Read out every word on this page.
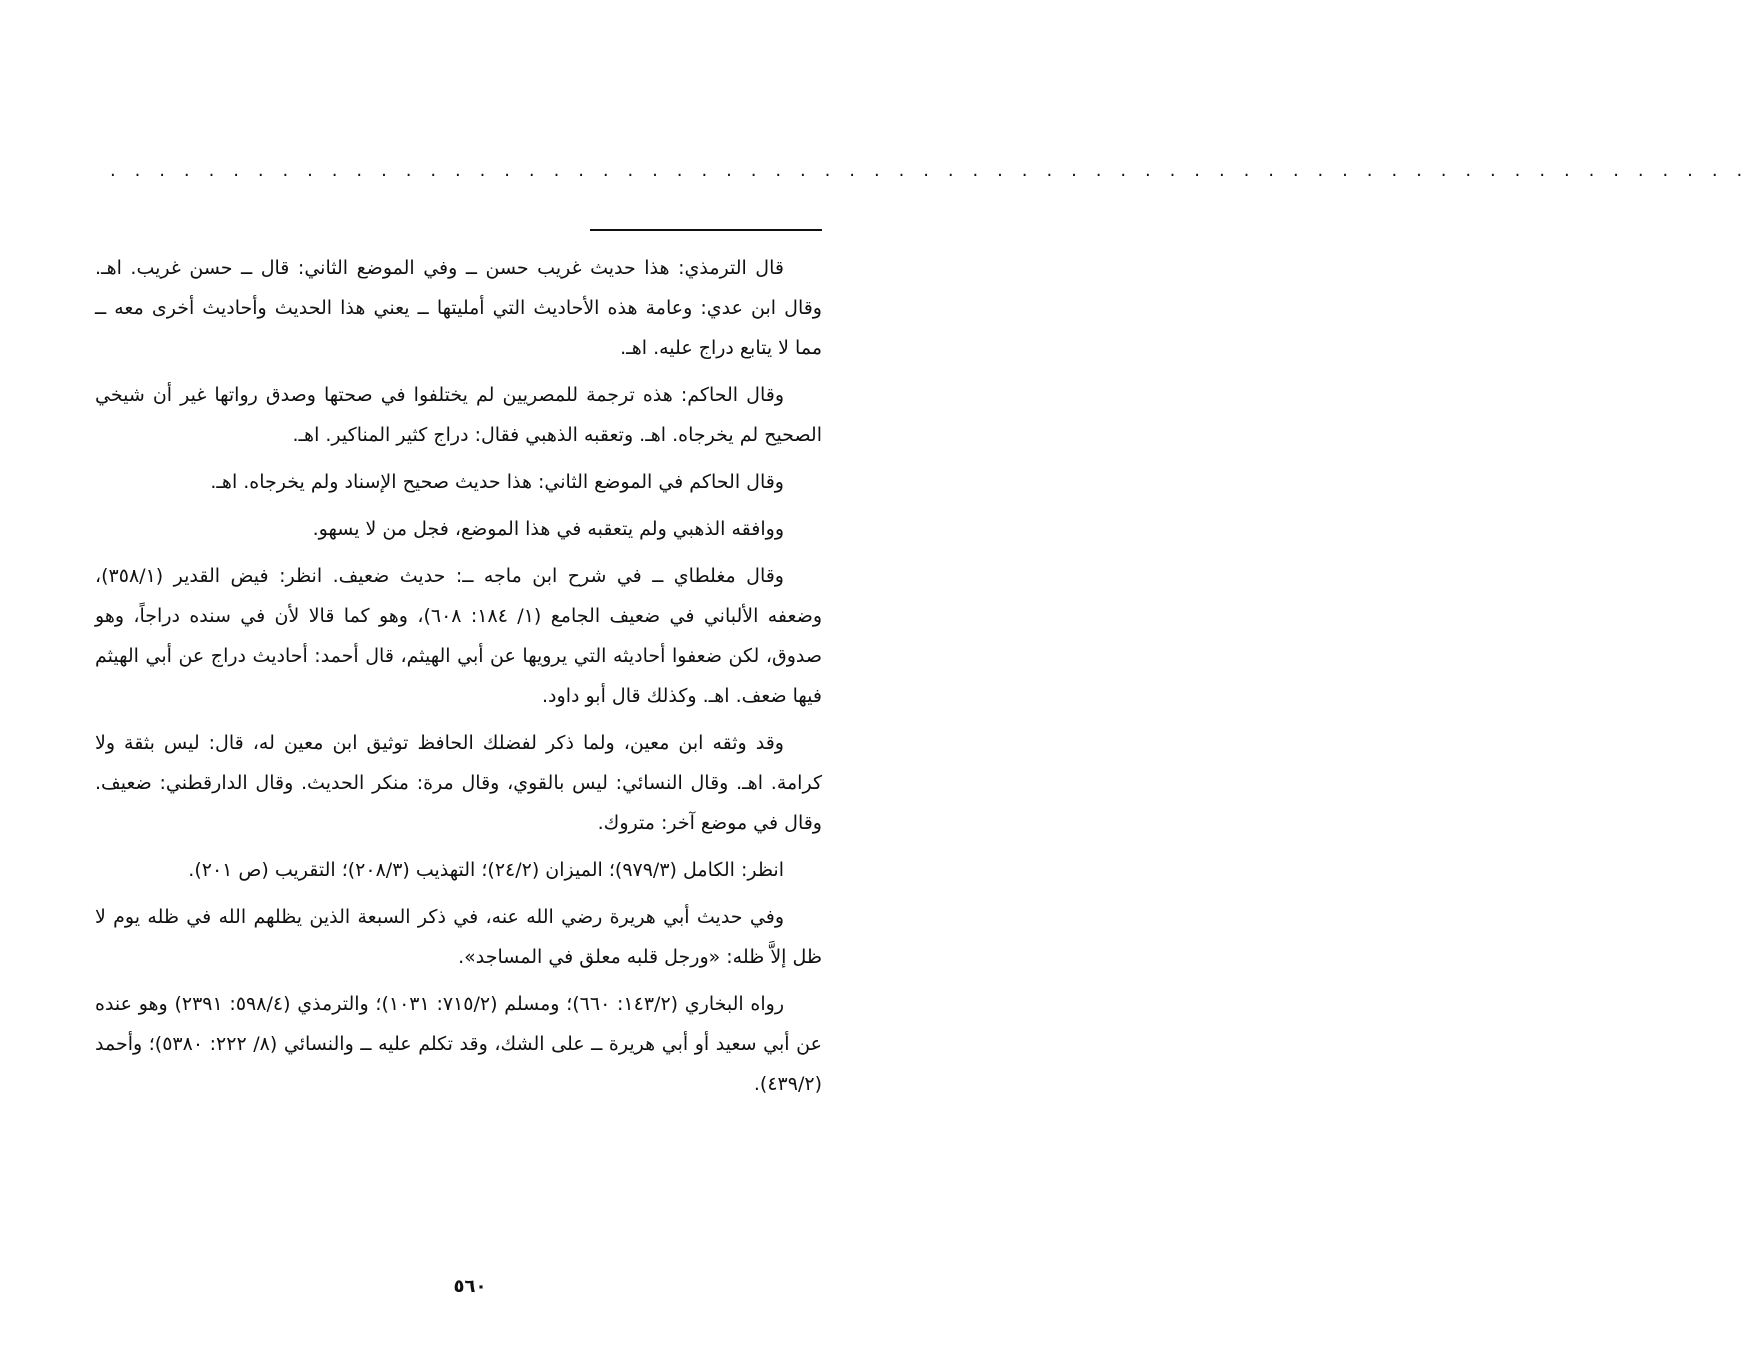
. . . . . . . . . . . . . . . . . . . . . . . . . . . . . . . . . . . . . . . . . . . . . . . . . . . . . . . . . . . . . . . . . . .

قال الترمذي: هذا حديث غريب حسن ــ وفي الموضع الثاني: قال ــ حسن غريب. اهـ. وقال ابن عدي: وعامة هذه الأحاديث التي أمليتها ــ يعني هذا الحديث وأحاديث أخرى معه ــ مما لا يتابع دراج عليه. اهـ.

وقال الحاكم: هذه ترجمة للمصريين لم يختلفوا في صحتها وصدق رواتها غير أن شيخي الصحيح لم يخرجاه. اهـ. وتعقبه الذهبي فقال: دراج كثير المناكير. اهـ.

وقال الحاكم في الموضع الثاني: هذا حديث صحيح الإسناد ولم يخرجاه. اهـ.

ووافقه الذهبي ولم يتعقبه في هذا الموضع، فجل من لا يسهو.

وقال مغلطاي ــ في شرح ابن ماجه ــ: حديث ضعيف. انظر: فيض القدير (٣٥٨/١)، وضعفه الألباني في ضعيف الجامع (١/ ١٨٤: ٦٠٨)، وهو كما قالا لأن في سنده دراجاً، وهو صدوق، لكن ضعفوا أحاديثه التي يرويها عن أبي الهيثم، قال أحمد: أحاديث دراج عن أبي الهيثم فيها ضعف. اهـ. وكذلك قال أبو داود.

وقد وثقه ابن معين، ولما ذكر لفضلك الحافظ توثيق ابن معين له، قال: ليس بثقة ولا كرامة. اهـ. وقال النسائي: ليس بالقوي، وقال مرة: منكر الحديث. وقال الدارقطني: ضعيف. وقال في موضع آخر: متروك.

انظر: الكامل (٩٧٩/٣)؛ الميزان (٢٤/٢)؛ التهذيب (٢٠٨/٣)؛ التقريب (ص ٢٠١).

وفي حديث أبي هريرة رضي الله عنه، في ذكر السبعة الذين يظلهم الله في ظله يوم لا ظل إلاَّ ظله: «ورجل قلبه معلق في المساجد».

رواه البخاري (١٤٣/٢: ٦٦٠)؛ ومسلم (٧١٥/٢: ١٠٣١)؛ والترمذي (٥٩٨/٤: ٢٣٩١) وهو عنده عن أبي سعيد أو أبي هريرة ــ على الشك، وقد تكلم عليه ــ والنسائي (٨/ ٢٢٢: ٥٣٨٠)؛ وأحمد (٤٣٩/٢).

٥٦٠
